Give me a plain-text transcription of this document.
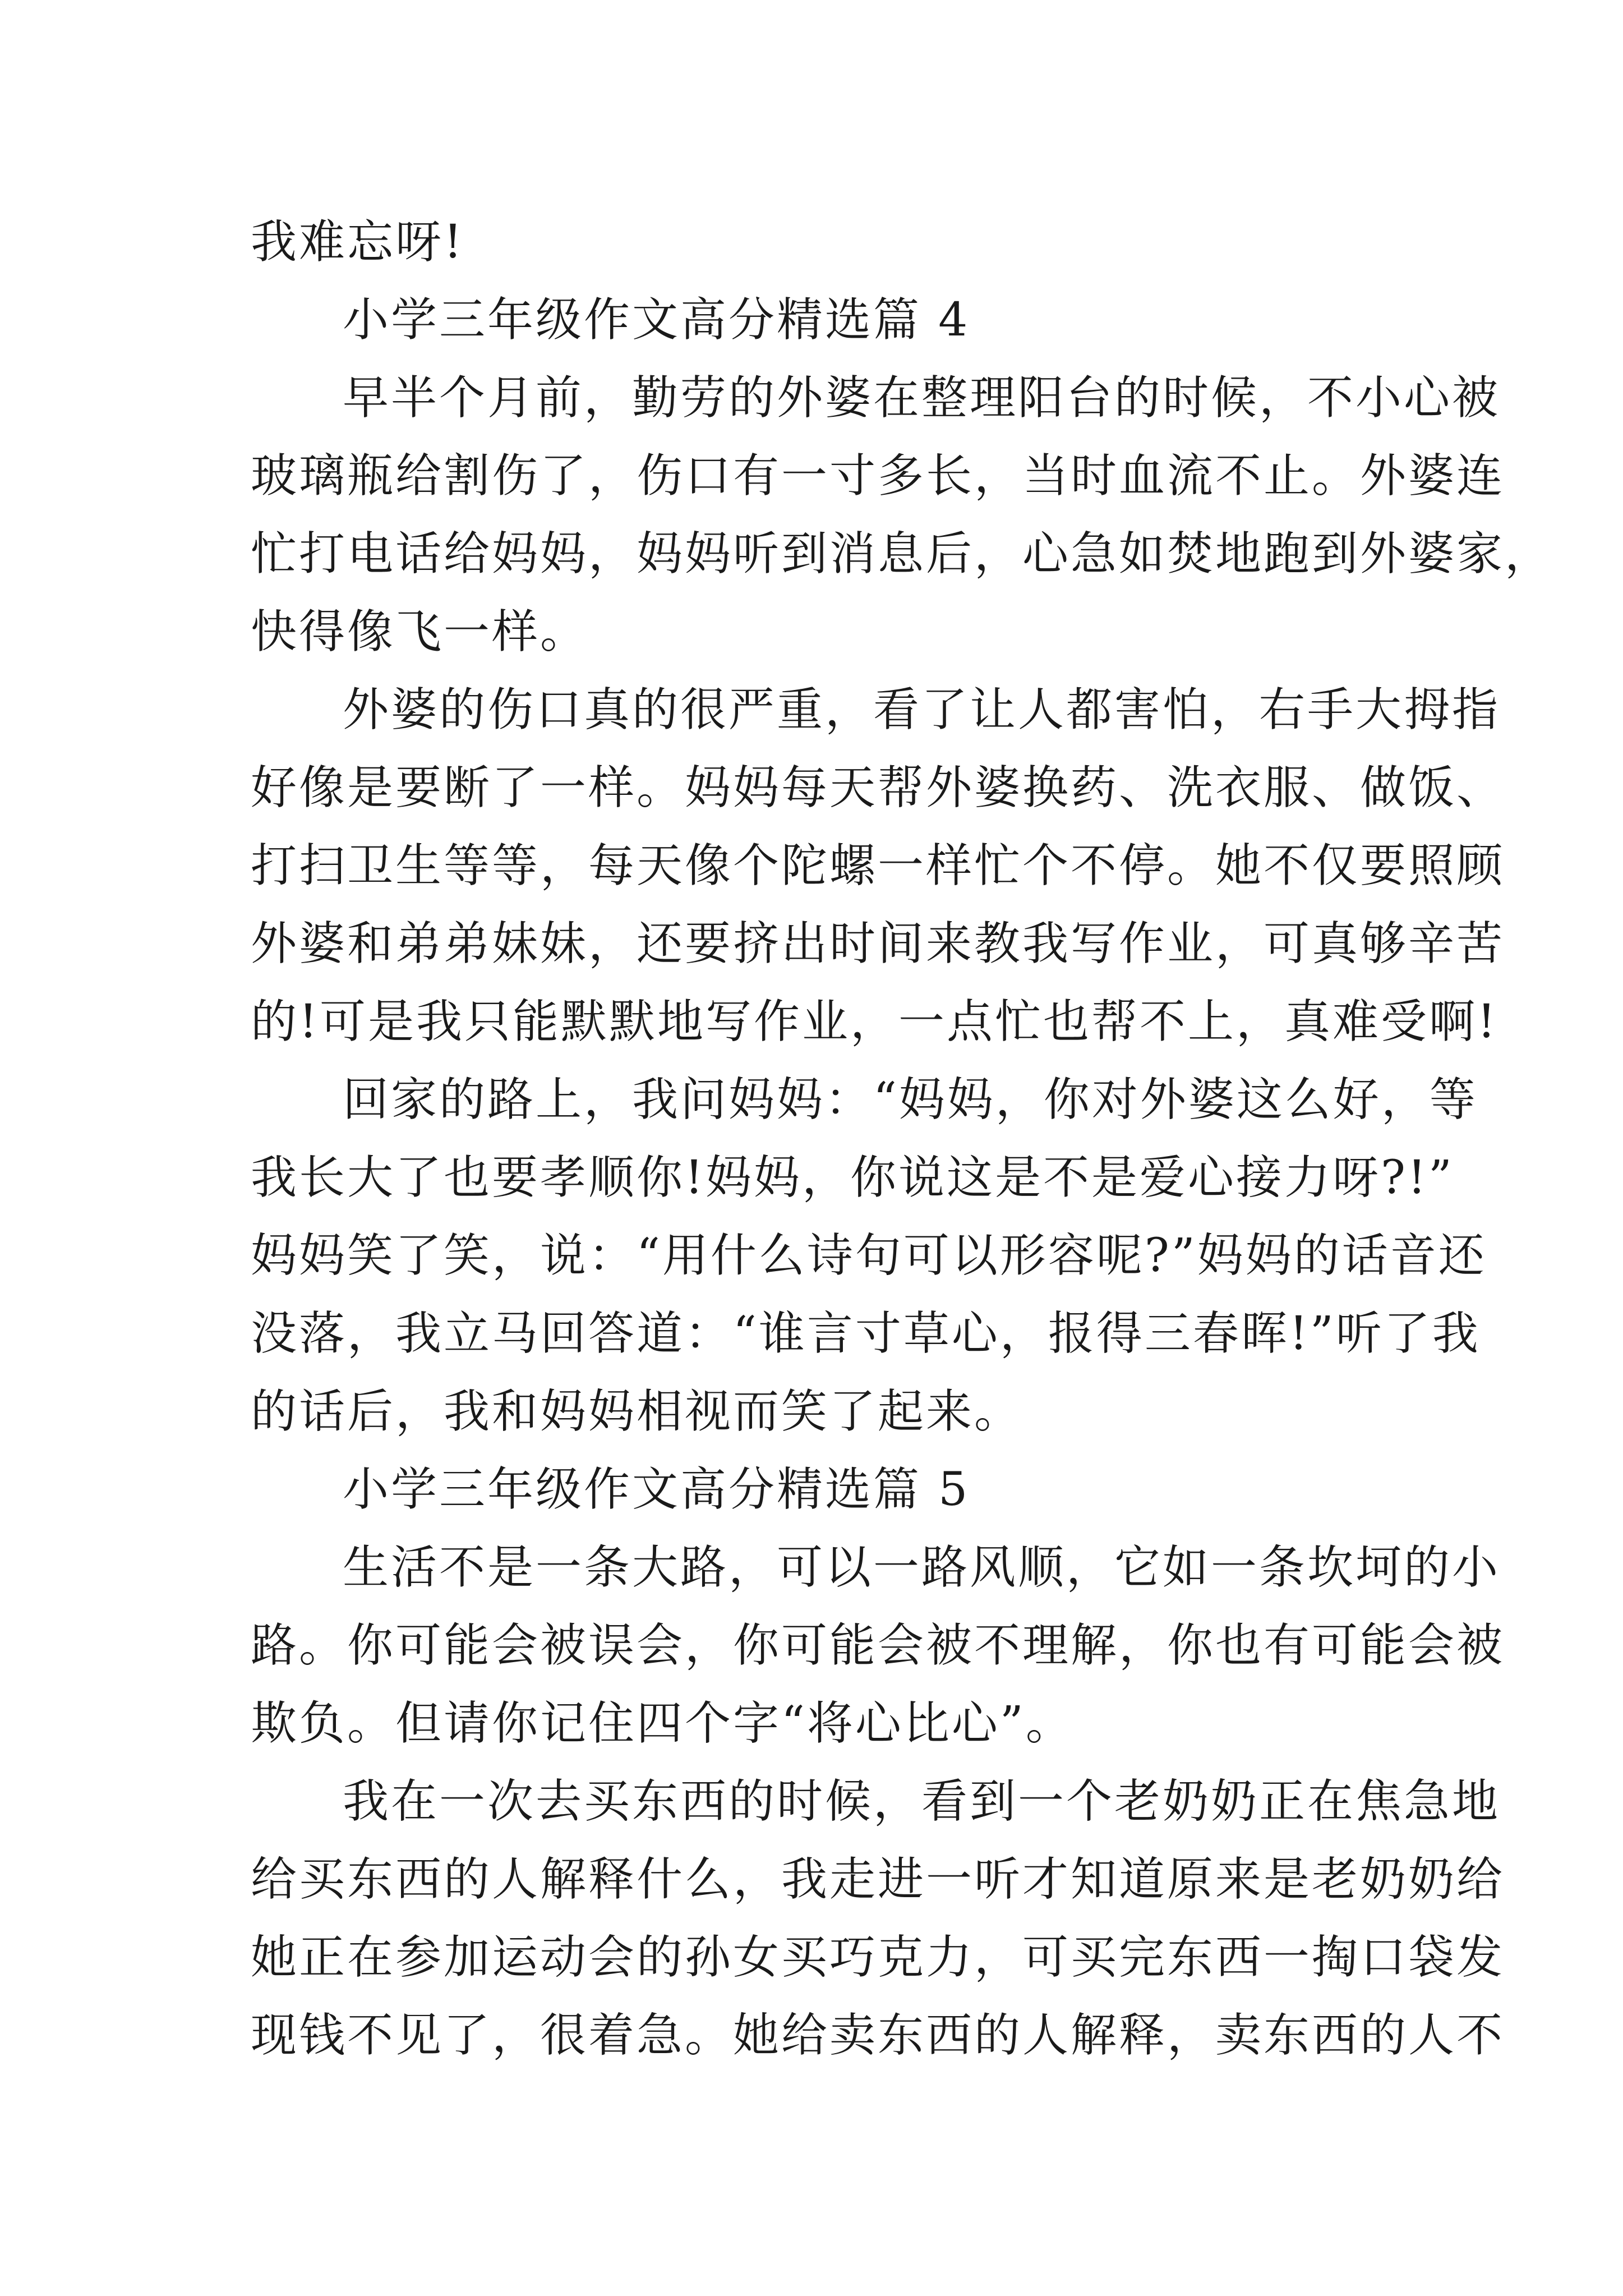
我难忘呀!
小学三年级作文高分精选篇 4
早半个月前，勤劳的外婆在整理阳台的时候，不小心被
玻璃瓶给割伤了，伤口有一寸多长，当时血流不止。外婆连
忙打电话给妈妈，妈妈听到消息后，心急如焚地跑到外婆家，
快得像飞一样。
外婆的伤口真的很严重，看了让人都害怕，右手大拇指
好像是要断了一样。妈妈每天帮外婆换药、洗衣服、做饭、
打扫卫生等等，每天像个陀螺一样忙个不停。她不仅要照顾
外婆和弟弟妹妹，还要挤出时间来教我写作业，可真够辛苦
的!可是我只能默默地写作业，一点忙也帮不上，真难受啊!
回家的路上，我问妈妈：“妈妈，你对外婆这么好，等
我长大了也要孝顺你!妈妈，你说这是不是爱心接力呀?!”
妈妈笑了笑，说：“用什么诗句可以形容呢?”妈妈的话音还
没落，我立马回答道：“谁言寸草心，报得三春晖!”听了我
的话后，我和妈妈相视而笑了起来。
小学三年级作文高分精选篇 5
生活不是一条大路，可以一路风顺，它如一条坎坷的小
路。你可能会被误会，你可能会被不理解，你也有可能会被
欺负。但请你记住四个字“将心比心”。
我在一次去买东西的时候，看到一个老奶奶正在焦急地
给买东西的人解释什么，我走进一听才知道原来是老奶奶给
她正在参加运动会的孙女买巧克力，可买完东西一掏口袋发
现钱不见了，很着急。她给卖东西的人解释，卖东西的人不
